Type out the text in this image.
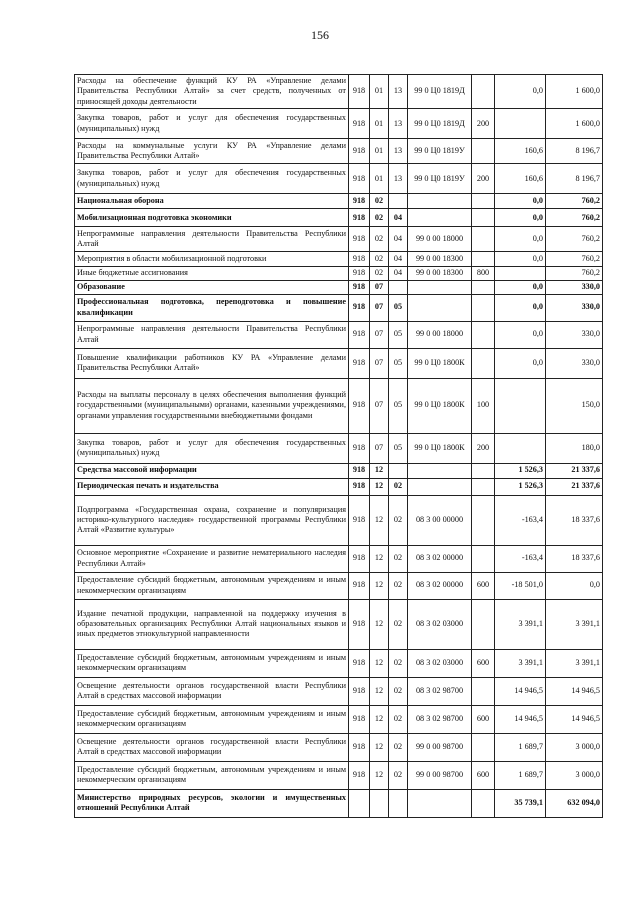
156
Расходы на обеспечение функций КУ РА «Управление делами Правительства Республики Алтай» за счет средств, полученных от приносящей доходы деятельности	918	01	13	99 0 Ц0 1819Д		0,0	1 600,0
Закупка товаров, работ и услуг для обеспечения государственных (муниципальных) нужд	918	01	13	99 0 Ц0 1819Д	200		1 600,0
Расходы на коммунальные услуги КУ РА «Управление делами Правительства Республики Алтай»	918	01	13	99 0 Ц0 1819У		160,6	8 196,7
Закупка товаров, работ и услуг для обеспечения государственных (муниципальных) нужд	918	01	13	99 0 Ц0 1819У	200	160,6	8 196,7
Национальная оборона	918	02				0,0	760,2
Мобилизационная подготовка экономики	918	02	04			0,0	760,2
Непрограммные направления деятельности Правительства Республики Алтай	918	02	04	99 0 00 18000		0,0	760,2
Мероприятия в области мобилизационной подготовки	918	02	04	99 0 00 18300		0,0	760,2
Иные бюджетные ассигнования	918	02	04	99 0 00 18300	800		760,2
Образование	918	07				0,0	330,0
Профессиональная подготовка, переподготовка и повышение квалификации	918	07	05			0,0	330,0
Непрограммные направления деятельности Правительства Республики Алтай	918	07	05	99 0 00 18000		0,0	330,0
Повышение квалификации работников КУ РА «Управление делами Правительства Республики Алтай»	918	07	05	99 0 Ц0 1800К		0,0	330,0
Расходы на выплаты персоналу в целях обеспечения выполнения функций государственными (муниципальными) органами, казенными учреждениями, органами управления государственными внебюджетными фондами	918	07	05	99 0 Ц0 1800К	100		150,0
Закупка товаров, работ и услуг для обеспечения государственных (муниципальных) нужд	918	07	05	99 0 Ц0 1800К	200		180,0
Средства массовой информации	918	12				1 526,3	21 337,6
Периодическая печать и издательства	918	12	02			1 526,3	21 337,6
Подпрограмма «Государственная охрана, сохранение и популяризация историко-культурного наследия» государственной программы Республики Алтай «Развитие культуры»	918	12	02	08 3 00 00000		-163,4	18 337,6
Основное мероприятие «Сохранение и развитие нематериального наследия Республики Алтай»	918	12	02	08 3 02 00000		-163,4	18 337,6
Предоставление субсидий бюджетным, автономным учреждениям и иным некоммерческим организациям	918	12	02	08 3 02 00000	600	-18 501,0	0,0
Издание печатной продукции, направленной на поддержку изучения в образовательных организациях Республики Алтай национальных языков и иных предметов этнокультурной направленности	918	12	02	08 3 02 03000		3 391,1	3 391,1
Предоставление субсидий бюджетным, автономным учреждениям и иным некоммерческим организациям	918	12	02	08 3 02 03000	600	3 391,1	3 391,1
Освещение деятельности органов государственной власти Республики Алтай в средствах массовой информации	918	12	02	08 3 02 98700		14 946,5	14 946,5
Предоставление субсидий бюджетным, автономным учреждениям и иным некоммерческим организациям	918	12	02	08 3 02 98700	600	14 946,5	14 946,5
Освещение деятельности органов государственной власти Республики Алтай в средствах массовой информации	918	12	02	99 0 00 98700		1 689,7	3 000,0
Предоставление субсидий бюджетным, автономным учреждениям и иным некоммерческим организациям	918	12	02	99 0 00 98700	600	1 689,7	3 000,0
Министерство природных ресурсов, экологии и имущественных отношений Республики Алтай						35 739,1	632 094,0
